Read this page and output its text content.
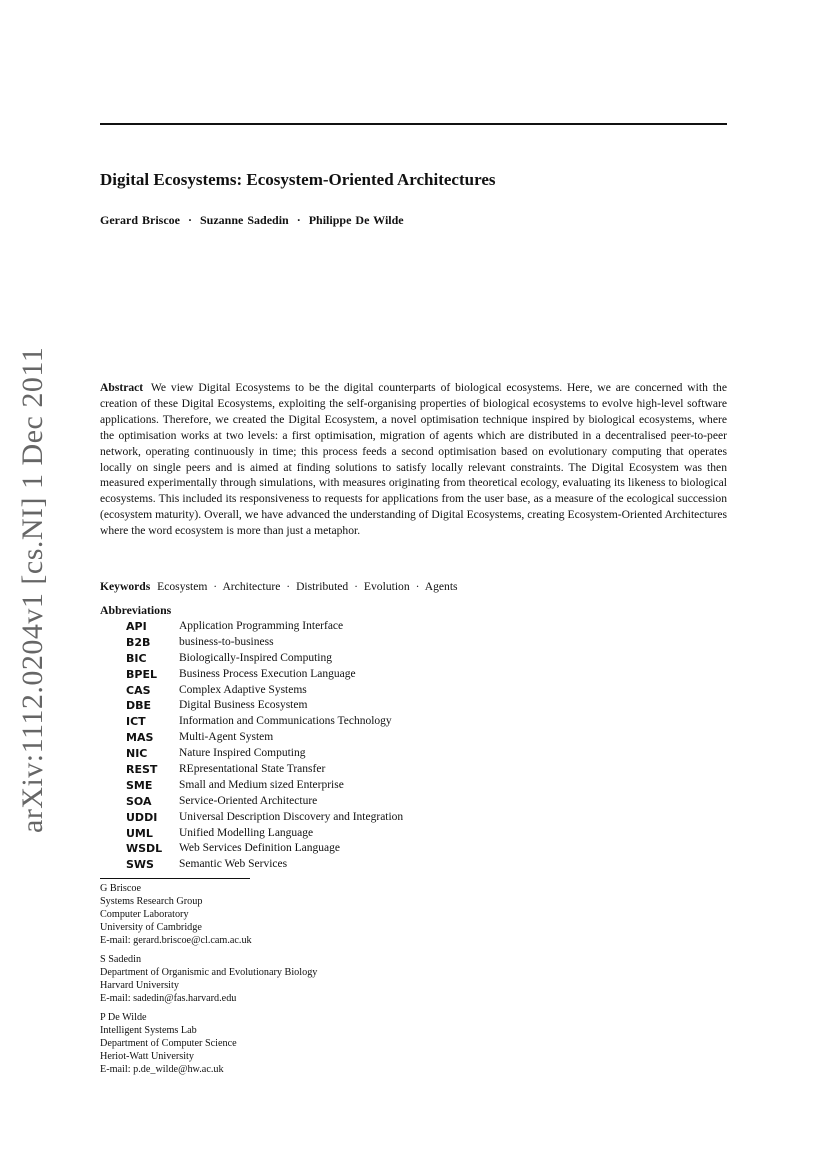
Digital Ecosystems: Ecosystem-Oriented Architectures
Gerard Briscoe · Suzanne Sadedin · Philippe De Wilde
arXiv:1112.0204v1 [cs.NI] 1 Dec 2011	Abstract We view Digital Ecosystems to be the digital counterparts of biological ecosystems. Here, we are concerned with the creation of these Digital Ecosystems, exploiting the self-organising properties of biological ecosystems to evolve high-level software applications. Therefore, we created the Digital Ecosystem, a novel optimisation technique inspired by biological ecosystems, where the optimisation works at two levels: a first optimisation, migration of agents which are distributed in a decentralised peer-to-peer network, operating continuously in time; this process feeds a second optimisation based on evolutionary computing that operates locally on single peers and is aimed at finding solutions to satisfy locally relevant constraints. The Digital Ecosystem was then measured experimentally through simulations, with measures originating from theoretical ecology, evaluating its likeness to biological ecosystems. This included its responsiveness to requests for applications from the user base, as a measure of the ecological succession (ecosystem maturity). Overall, we have advanced the understanding of Digital Ecosystems, creating Ecosystem-Oriented Architectures where the word ecosystem is more than just a metaphor.
Keywords Ecosystem · Architecture · Distributed · Evolution · Agents
Abbreviations
API	Application Programming Interface
B2B	business-to-business
BIC	Biologically-Inspired Computing
BPEL	Business Process Execution Language
CAS	Complex Adaptive Systems
DBE	Digital Business Ecosystem
ICT	Information and Communications Technology
MAS	Multi-Agent System
NIC	Nature Inspired Computing
REST	REpresentational State Transfer
SME	Small and Medium sized Enterprise
SOA	Service-Oriented Architecture
UDDI	Universal Description Discovery and Integration
UML	Unified Modelling Language
WSDL	Web Services Definition Language
SWS	Semantic Web Services
G Briscoe
Systems Research Group
Computer Laboratory
University of Cambridge
E-mail: gerard.briscoe@cl.cam.ac.uk
S Sadedin
Department of Organismic and Evolutionary Biology
Harvard University
E-mail: sadedin@fas.harvard.edu
P De Wilde
Intelligent Systems Lab
Department of Computer Science
Heriot-Watt University
E-mail: p.de_wilde@hw.ac.uk
